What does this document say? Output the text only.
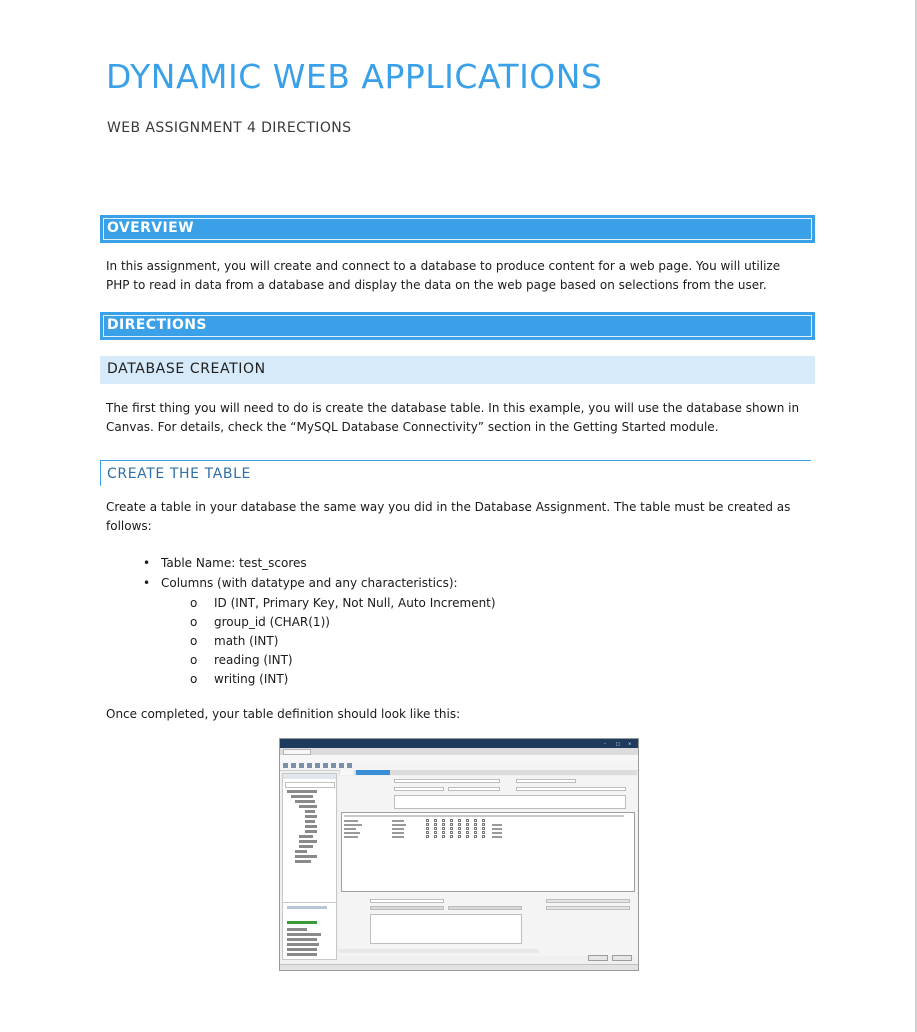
DYNAMIC WEB APPLICATIONS
WEB ASSIGNMENT 4 DIRECTIONS
OVERVIEW

In this assignment, you will create and connect to a database to produce content for a web page. You will utilize PHP to read in data from a database and display the data on the web page based on selections from the user.

DIRECTIONS
DATABASE CREATION

The first thing you will need to do is create the database table. In this example, you will use the database shown in Canvas. For details, check the “MySQL Database Connectivity” section in the Getting Started module.

CREATE THE TABLE

Create a table in your database the same way you did in the Database Assignment. The table must be created as follows:

• Table Name: test_scores
• Columns (with datatype and any characteristics):
o ID (INT, Primary Key, Not Null, Auto Increment)
o group_id (CHAR(1))
o math (INT)
o reading (INT)
o writing (INT)

Once completed, your table definition should look like this:

–	□ ×
